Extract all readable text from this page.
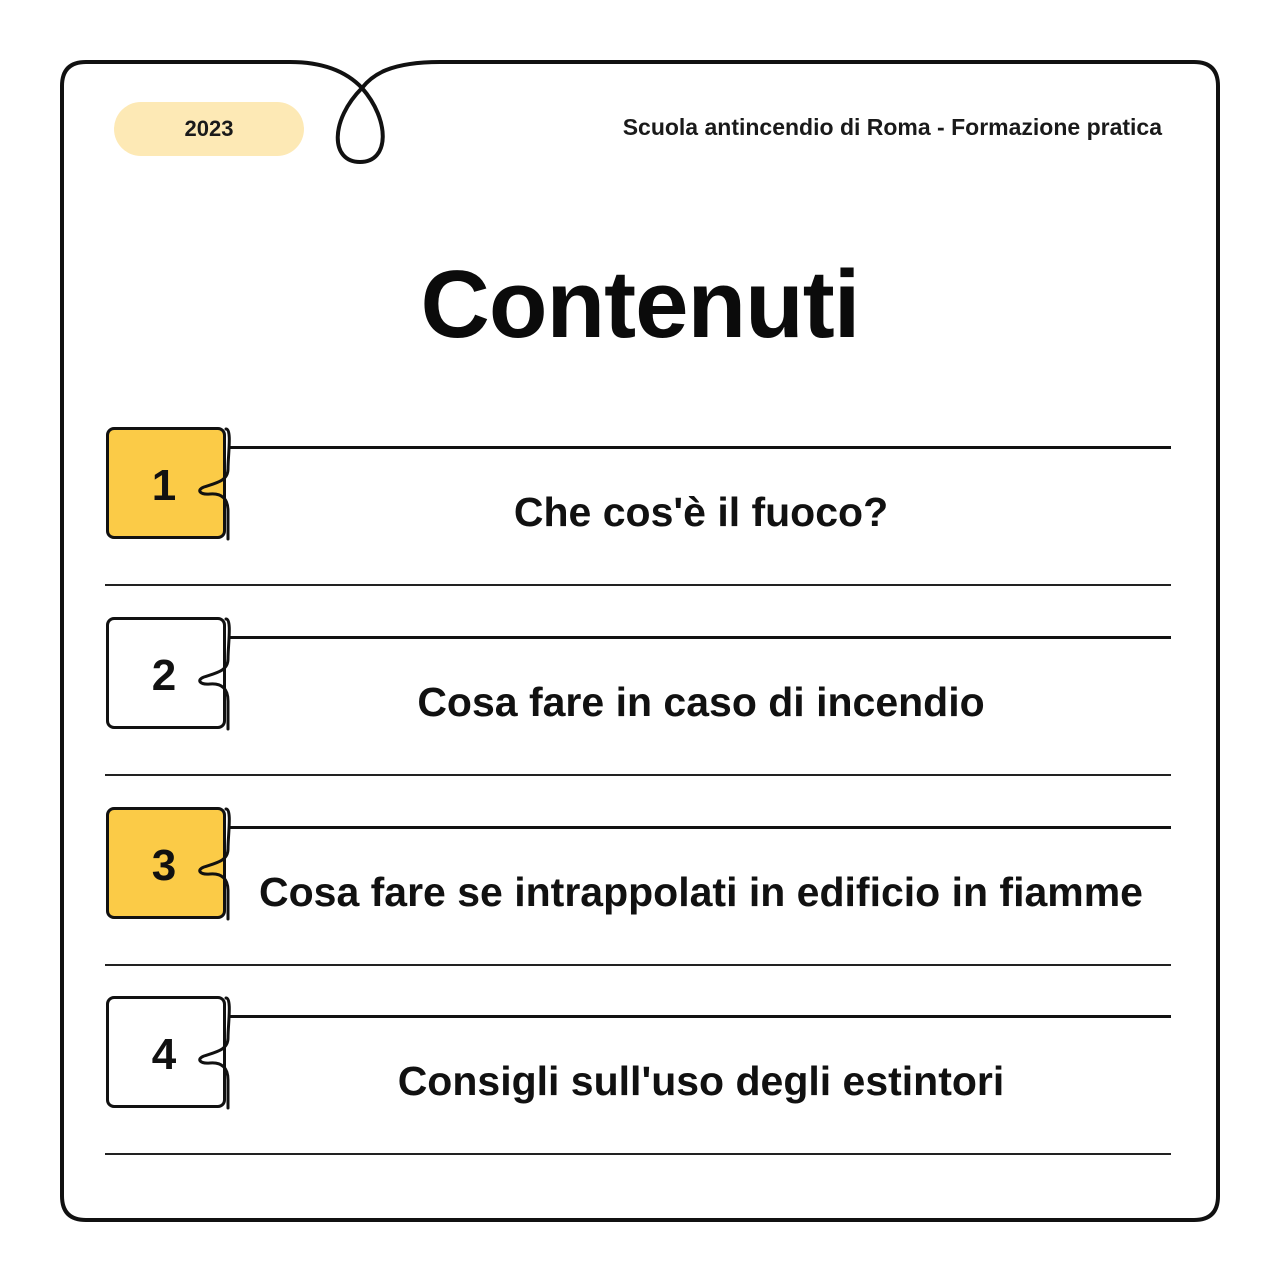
2023	Scuola antincendio di Roma - Formazione pratica
Contenuti
1
Che cos'è il fuoco?
2
Cosa fare in caso di incendio
3
Cosa fare se intrappolati in edificio in fiamme
4
Consigli sull'uso degli estintori
